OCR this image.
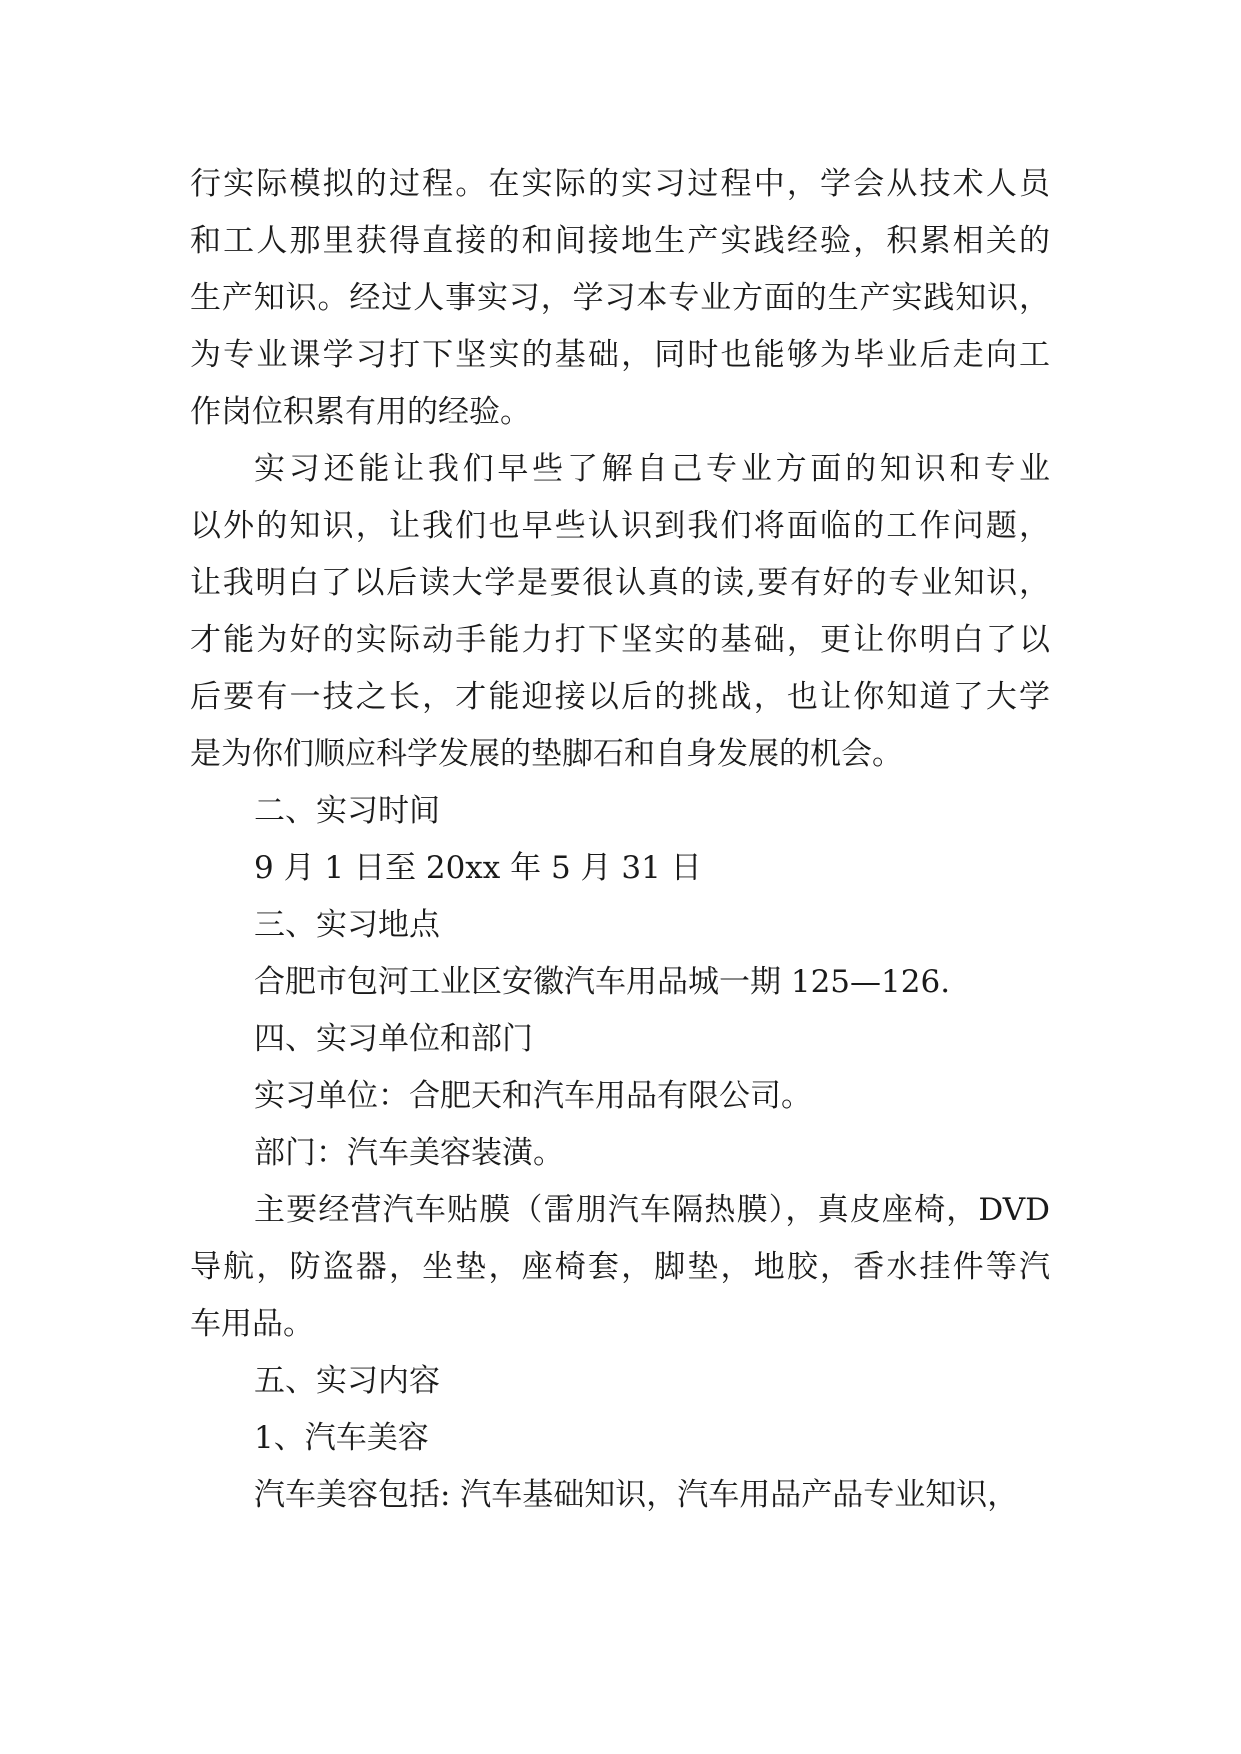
行实际模拟的过程。在实际的实习过程中，学会从技术人员
和工人那里获得直接的和间接地生产实践经验，积累相关的
生产知识。经过人事实习，学习本专业方面的生产实践知识，
为专业课学习打下坚实的基础，同时也能够为毕业后走向工
作岗位积累有用的经验。
实习还能让我们早些了解自己专业方面的知识和专业
以外的知识，让我们也早些认识到我们将面临的工作问题，
让我明白了以后读大学是要很认真的读,要有好的专业知识，
才能为好的实际动手能力打下坚实的基础，更让你明白了以
后要有一技之长，才能迎接以后的挑战，也让你知道了大学
是为你们顺应科学发展的垫脚石和自身发展的机会。
二、实习时间
9 月 1 日至 20xx 年 5 月 31 日
三、实习地点
合肥市包河工业区安徽汽车用品城一期 125—126.
四、实习单位和部门
实习单位：合肥天和汽车用品有限公司。
部门：汽车美容装潢。
主要经营汽车贴膜（雷朋汽车隔热膜），真皮座椅，DVD
导航，防盗器，坐垫，座椅套，脚垫，地胶，香水挂件等汽
车用品。
五、实习内容
1、汽车美容
汽车美容包括: 汽车基础知识，汽车用品产品专业知识，
